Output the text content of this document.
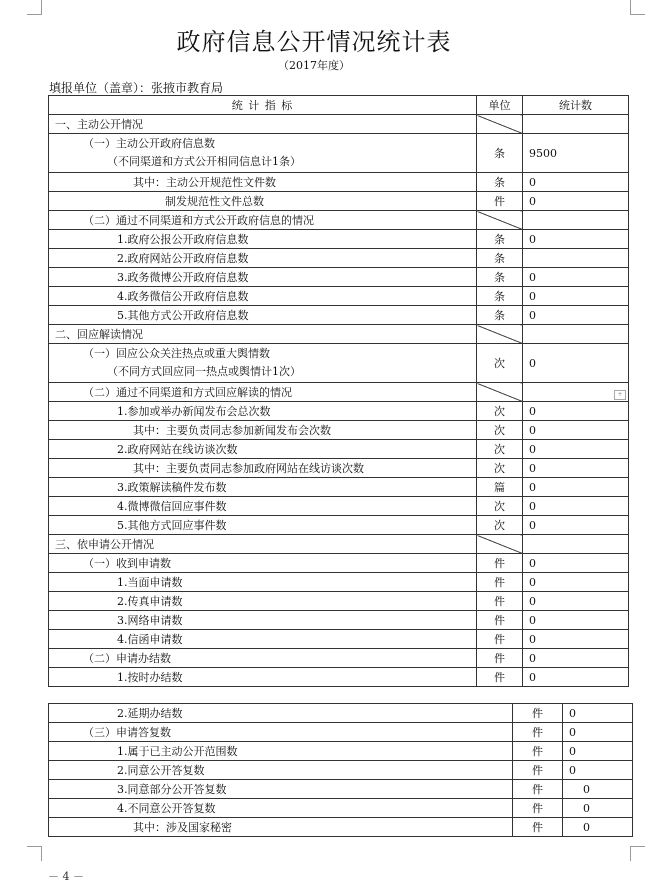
政府信息公开情况统计表
（2017年度）
填报单位（盖章）：张掖市教育局
统 计 指 标	单位	统计数
一、主动公开情况		
（一）主动公开政府信息数
（不同渠道和方式公开相同信息计1条）	条	9500
其中：主动公开规范性文件数	条	0
制发规范性文件总数	件	0
（二）通过不同渠道和方式公开政府信息的情况		
1.政府公报公开政府信息数	条	0
2.政府网站公开政府信息数	条	
3.政务微博公开政府信息数	条	0
4.政务微信公开政府信息数	条	0
5.其他方式公开政府信息数	条	0
二、回应解读情况		
（一）回应公众关注热点或重大舆情数
（不同方式回应同一热点或舆情计1次）	次	0
（二）通过不同渠道和方式回应解读的情况		
1.参加或举办新闻发布会总次数	次	0
其中：主要负责同志参加新闻发布会次数	次	0
2.政府网站在线访谈次数	次	0
其中：主要负责同志参加政府网站在线访谈次数	次	0
3.政策解读稿件发布数	篇	0
4.微博微信回应事件数	次	0
5.其他方式回应事件数	次	0
三、依申请公开情况		
（一）收到申请数	件	0
1.当面申请数	件	0
2.传真申请数	件	0
3.网络申请数	件	0
4.信函申请数	件	0
（二）申请办结数	件	0
1.按时办结数	件	0
+
2.延期办结数	件	0
（三）申请答复数	件	0
1.属于已主动公开范围数	件	0
2.同意公开答复数	件	0
3.同意部分公开答复数	件	0
4.不同意公开答复数	件	0
其中：涉及国家秘密	件	0
－ 4 －
